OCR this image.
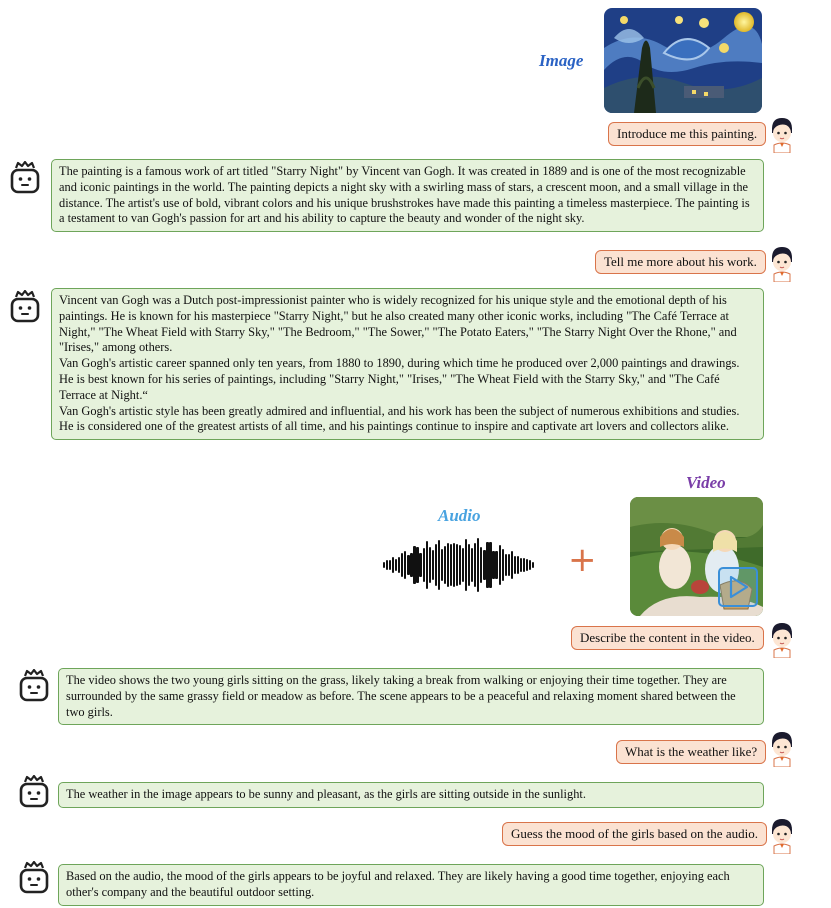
Image
Introduce me this painting.

The painting is a famous work of art titled "Starry Night" by Vincent van Gogh. It was created in 1889 and is one of the most recognizable and iconic paintings in the world. The painting depicts a night sky with a swirling mass of stars, a crescent moon, and a small village in the distance. The artist's use of bold, vibrant colors and his unique brushstrokes have made this painting a timeless masterpiece. The painting is a testament to van Gogh's passion for art and his ability to capture the beauty and wonder of the night sky.

Tell me more about his work.

Vincent van Gogh was a Dutch post-impressionist painter who is widely recognized for his unique style and the emotional depth of his paintings. He is known for his masterpiece "Starry Night," but he also created many other iconic works, including "The Café Terrace at Night," "The Wheat Field with Starry Sky," "The Bedroom," "The Sower," "The Potato Eaters," "The Starry Night Over the Rhone," and "Irises," among others.

Van Gogh's artistic career spanned only ten years, from 1880 to 1890, during which time he produced over 2,000 paintings and drawings. He is best known for his series of paintings, including "Starry Night," "Irises," "The Wheat Field with the Starry Sky," and "The Café Terrace at Night.“

Van Gogh's artistic style has been greatly admired and influential, and his work has been the subject of numerous exhibitions and studies. He is considered one of the greatest artists of all time, and his paintings continue to inspire and captivate art lovers and collectors alike.

Video
Audio
+
Describe the content in the video.

The video shows the two young girls sitting on the grass, likely taking a break from walking or enjoying their time together. They are surrounded by the same grassy field or meadow as before. The scene appears to be a peaceful and relaxing moment shared between the two girls.

What is the weather like?

The weather in the image appears to be sunny and pleasant, as the girls are sitting outside in the sunlight.

Guess the mood of the girls based on the audio.

Based on the audio, the mood of the girls appears to be joyful and relaxed. They are likely having a good time together, enjoying each other's company and the beautiful outdoor setting.
